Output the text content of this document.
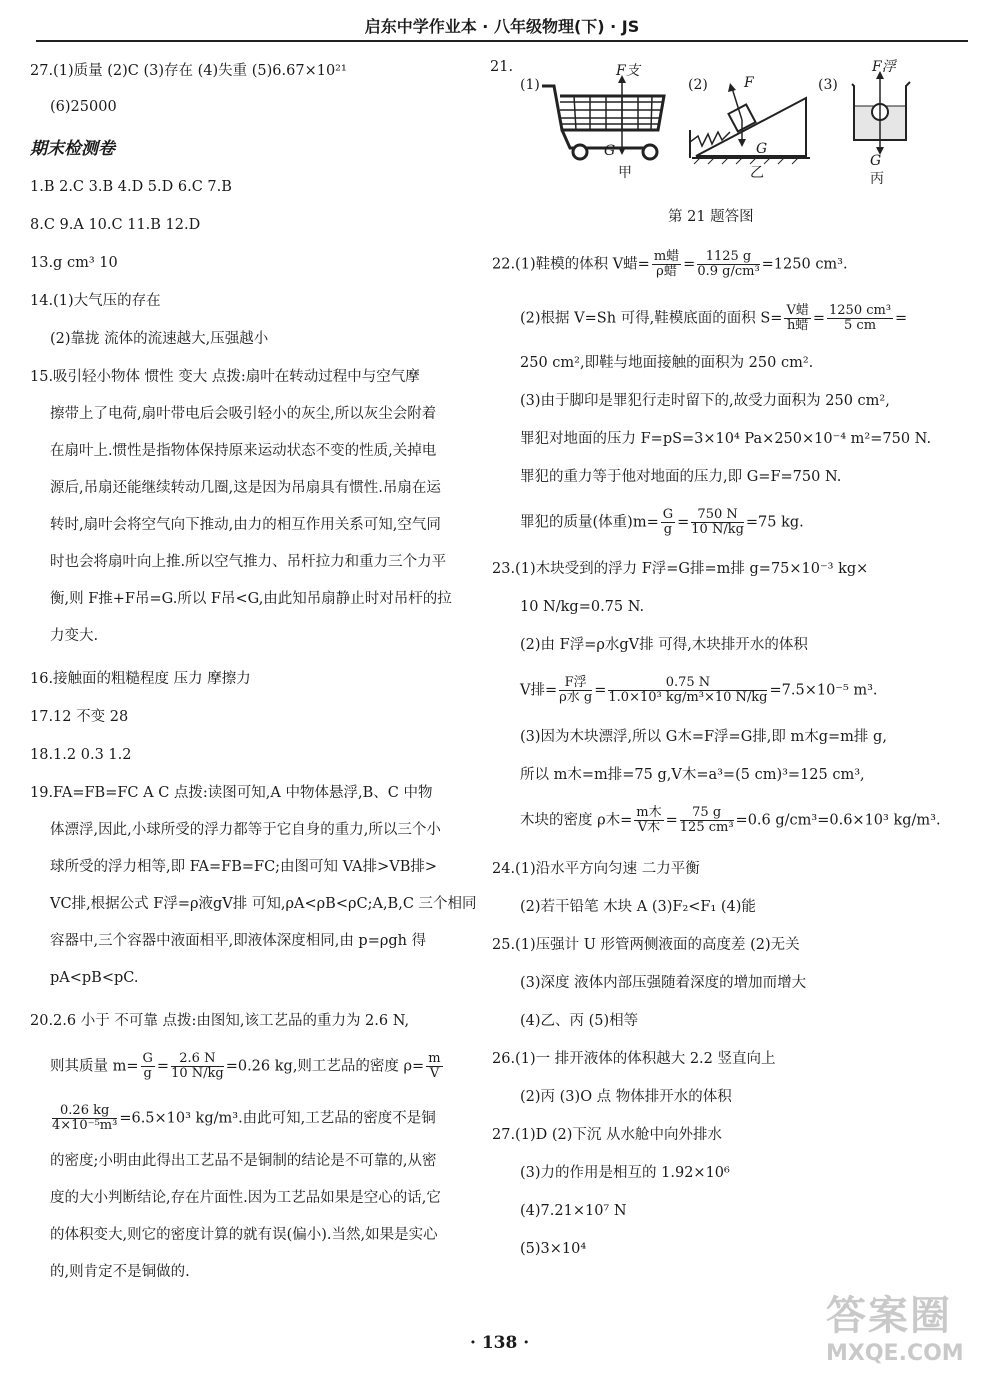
启东中学作业本 · 八年级物理(下) · JS
27.(1)质量 (2)C (3)存在 (4)失重 (5)6.67×10²¹
(6)25000
期末检测卷
1.B 2.C 3.B 4.D 5.D 6.C 7.B
8.C 9.A 10.C 11.B 12.D
13.g cm³ 10
14.(1)大气压的存在
(2)靠拢 流体的流速越大,压强越小
15.吸引轻小物体 惯性 变大 点拨:扇叶在转动过程中与空气摩
擦带上了电荷,扇叶带电后会吸引轻小的灰尘,所以灰尘会附着
在扇叶上.惯性是指物体保持原来运动状态不变的性质,关掉电
源后,吊扇还能继续转动几圈,这是因为吊扇具有惯性.吊扇在运
转时,扇叶会将空气向下推动,由力的相互作用关系可知,空气同
时也会将扇叶向上推.所以空气推力、吊杆拉力和重力三个力平
衡,则 F推+F吊=G.所以 F吊<G,由此知吊扇静止时对吊杆的拉
力变大.
16.接触面的粗糙程度 压力 摩擦力
17.12 不变 28
18.1.2 0.3 1.2
19.FA=FB=FC A C 点拨:读图可知,A 中物体悬浮,B、C 中物
体漂浮,因此,小球所受的浮力都等于它自身的重力,所以三个小
球所受的浮力相等,即 FA=FB=FC;由图可知 VA排>VB排>
VC排,根据公式 F浮=ρ液gV排 可知,ρA<ρB<ρC;A,B,C 三个相同
容器中,三个容器中液面相平,即液体深度相同,由 p=ρgh 得
pA<pB<pC.
20.2.6 小于 不可靠 点拨:由图知,该工艺品的重力为 2.6 N,
则其质量 $m= \frac{G}{g} = \frac{2.6 N}{10 N/kg} =0.26$ kg,则工艺品的密度 $\rho= \frac{m}{V}$
$\frac{0.26 kg}{\text{4×10⁻⁵m³}} =6.5\times 10^3$ kg/m³.由此可知,工艺品的密度不是铜
的密度;小明由此得出工艺品不是铜制的结论是不可靠的,从密
度的大小判断结论,存在片面性.因为工艺品如果是空心的话,它
的体积变大,则它的密度计算的就有误(偏小).当然,如果是实心
的,则肯定不是铜做的.
21.
(1)
F支
G
甲
(2)	F
G
乙
(3)
F浮
G
丙
第 21 题答图
22.(1)鞋模的体积 V蜡= $\frac{\text{m蜡}}{\text{ρ蜡}} = \frac{1125 g}{\text{0.9 g/cm³}} =1250$ cm³.
(2)根据 V=Sh 可得,鞋模底面的面积 $S= \frac{\text{V蜡}}{\text{h蜡}} = \frac{\text{1250 cm³}}{5 cm}$ =
250 cm²,即鞋与地面接触的面积为 250 cm².
(3)由于脚印是罪犯行走时留下的,故受力面积为 250 cm²,
罪犯对地面的压力 F=pS=3×10⁴ Pa×250×10⁻⁴ m²=750 N.
罪犯的重力等于他对地面的压力,即 G=F=750 N.
罪犯的质量(体重)$m= \frac{G}{g} = \frac{750 N}{10 N/kg} =75$ kg.
23.(1)木块受到的浮力 F浮=G排=m排 g=75×10⁻³ kg×
10 N/kg=0.75 N.
(2)由 F浮=ρ水gV排 可得,木块排开水的体积
V排= $\frac{\text{F浮}}{\text{ρ水 g}} = \frac{0.75 N}{\text{1.0×10³ kg/m³×10 N/kg}} =7.5\times 10^{-5}$ m³.
(3)因为木块漂浮,所以 G木=F浮=G排,即 m木g=m排 g,
所以 m木=m排=75 g,V木=a³=(5 cm)³=125 cm³,
木块的密度 ρ木= $\frac{\text{m木}}{\text{V木}} = \frac{75 g}{\text{125 cm³}} =0.6$ g/cm³=0.6×10³ kg/m³.
24.(1)沿水平方向匀速 二力平衡
(2)若干铅笔 木块 A (3)F₂<F₁ (4)能
25.(1)压强计 U 形管两侧液面的高度差 (2)无关
(3)深度 液体内部压强随着深度的增加而增大
(4)乙、丙 (5)相等
26.(1)一 排开液体的体积越大 2.2 竖直向上
(2)丙 (3)O 点 物体排开水的体积
27.(1)D (2)下沉 从水舱中向外排水
(3)力的作用是相互的 1.92×10⁶
(4)7.21×10⁷ N
(5)3×10⁴
· 138 ·
答案圈
MXQE.COM
